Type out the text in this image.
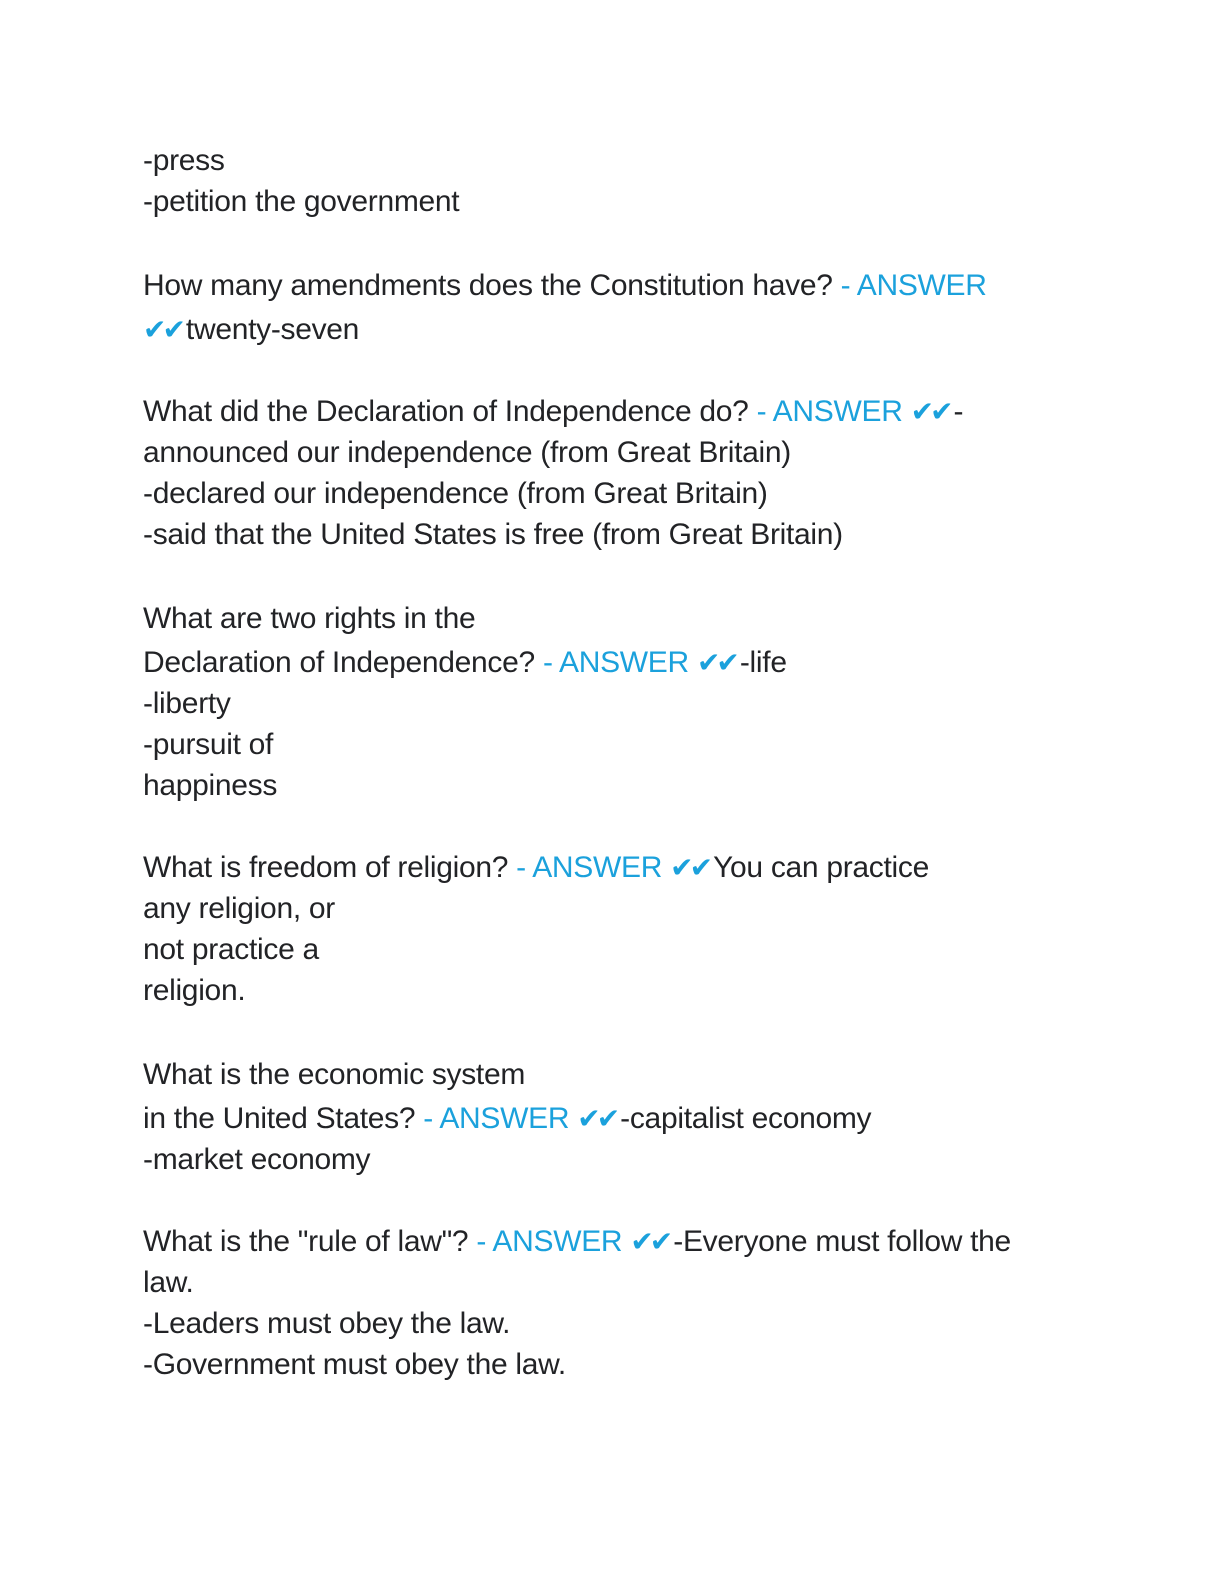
-press
-petition the government
How many amendments does the Constitution have? - ANSWER
✔✔ twenty-seven
What did the Declaration of Independence do? - ANSWER ✔✔ -
announced our independence (from Great Britain)
-declared our independence (from Great Britain)
-said that the United States is free (from Great Britain)
What are two rights in the
Declaration of Independence? - ANSWER ✔✔ -life
-liberty
-pursuit of
happiness
What is freedom of religion? - ANSWER ✔✔ You can practice
any religion, or
not practice a
religion.
What is the economic system
in the United States? - ANSWER ✔✔ -capitalist economy
-market economy
What is the "rule of law"? - ANSWER ✔✔ -Everyone must follow the
law.
-Leaders must obey the law.
-Government must obey the law.
